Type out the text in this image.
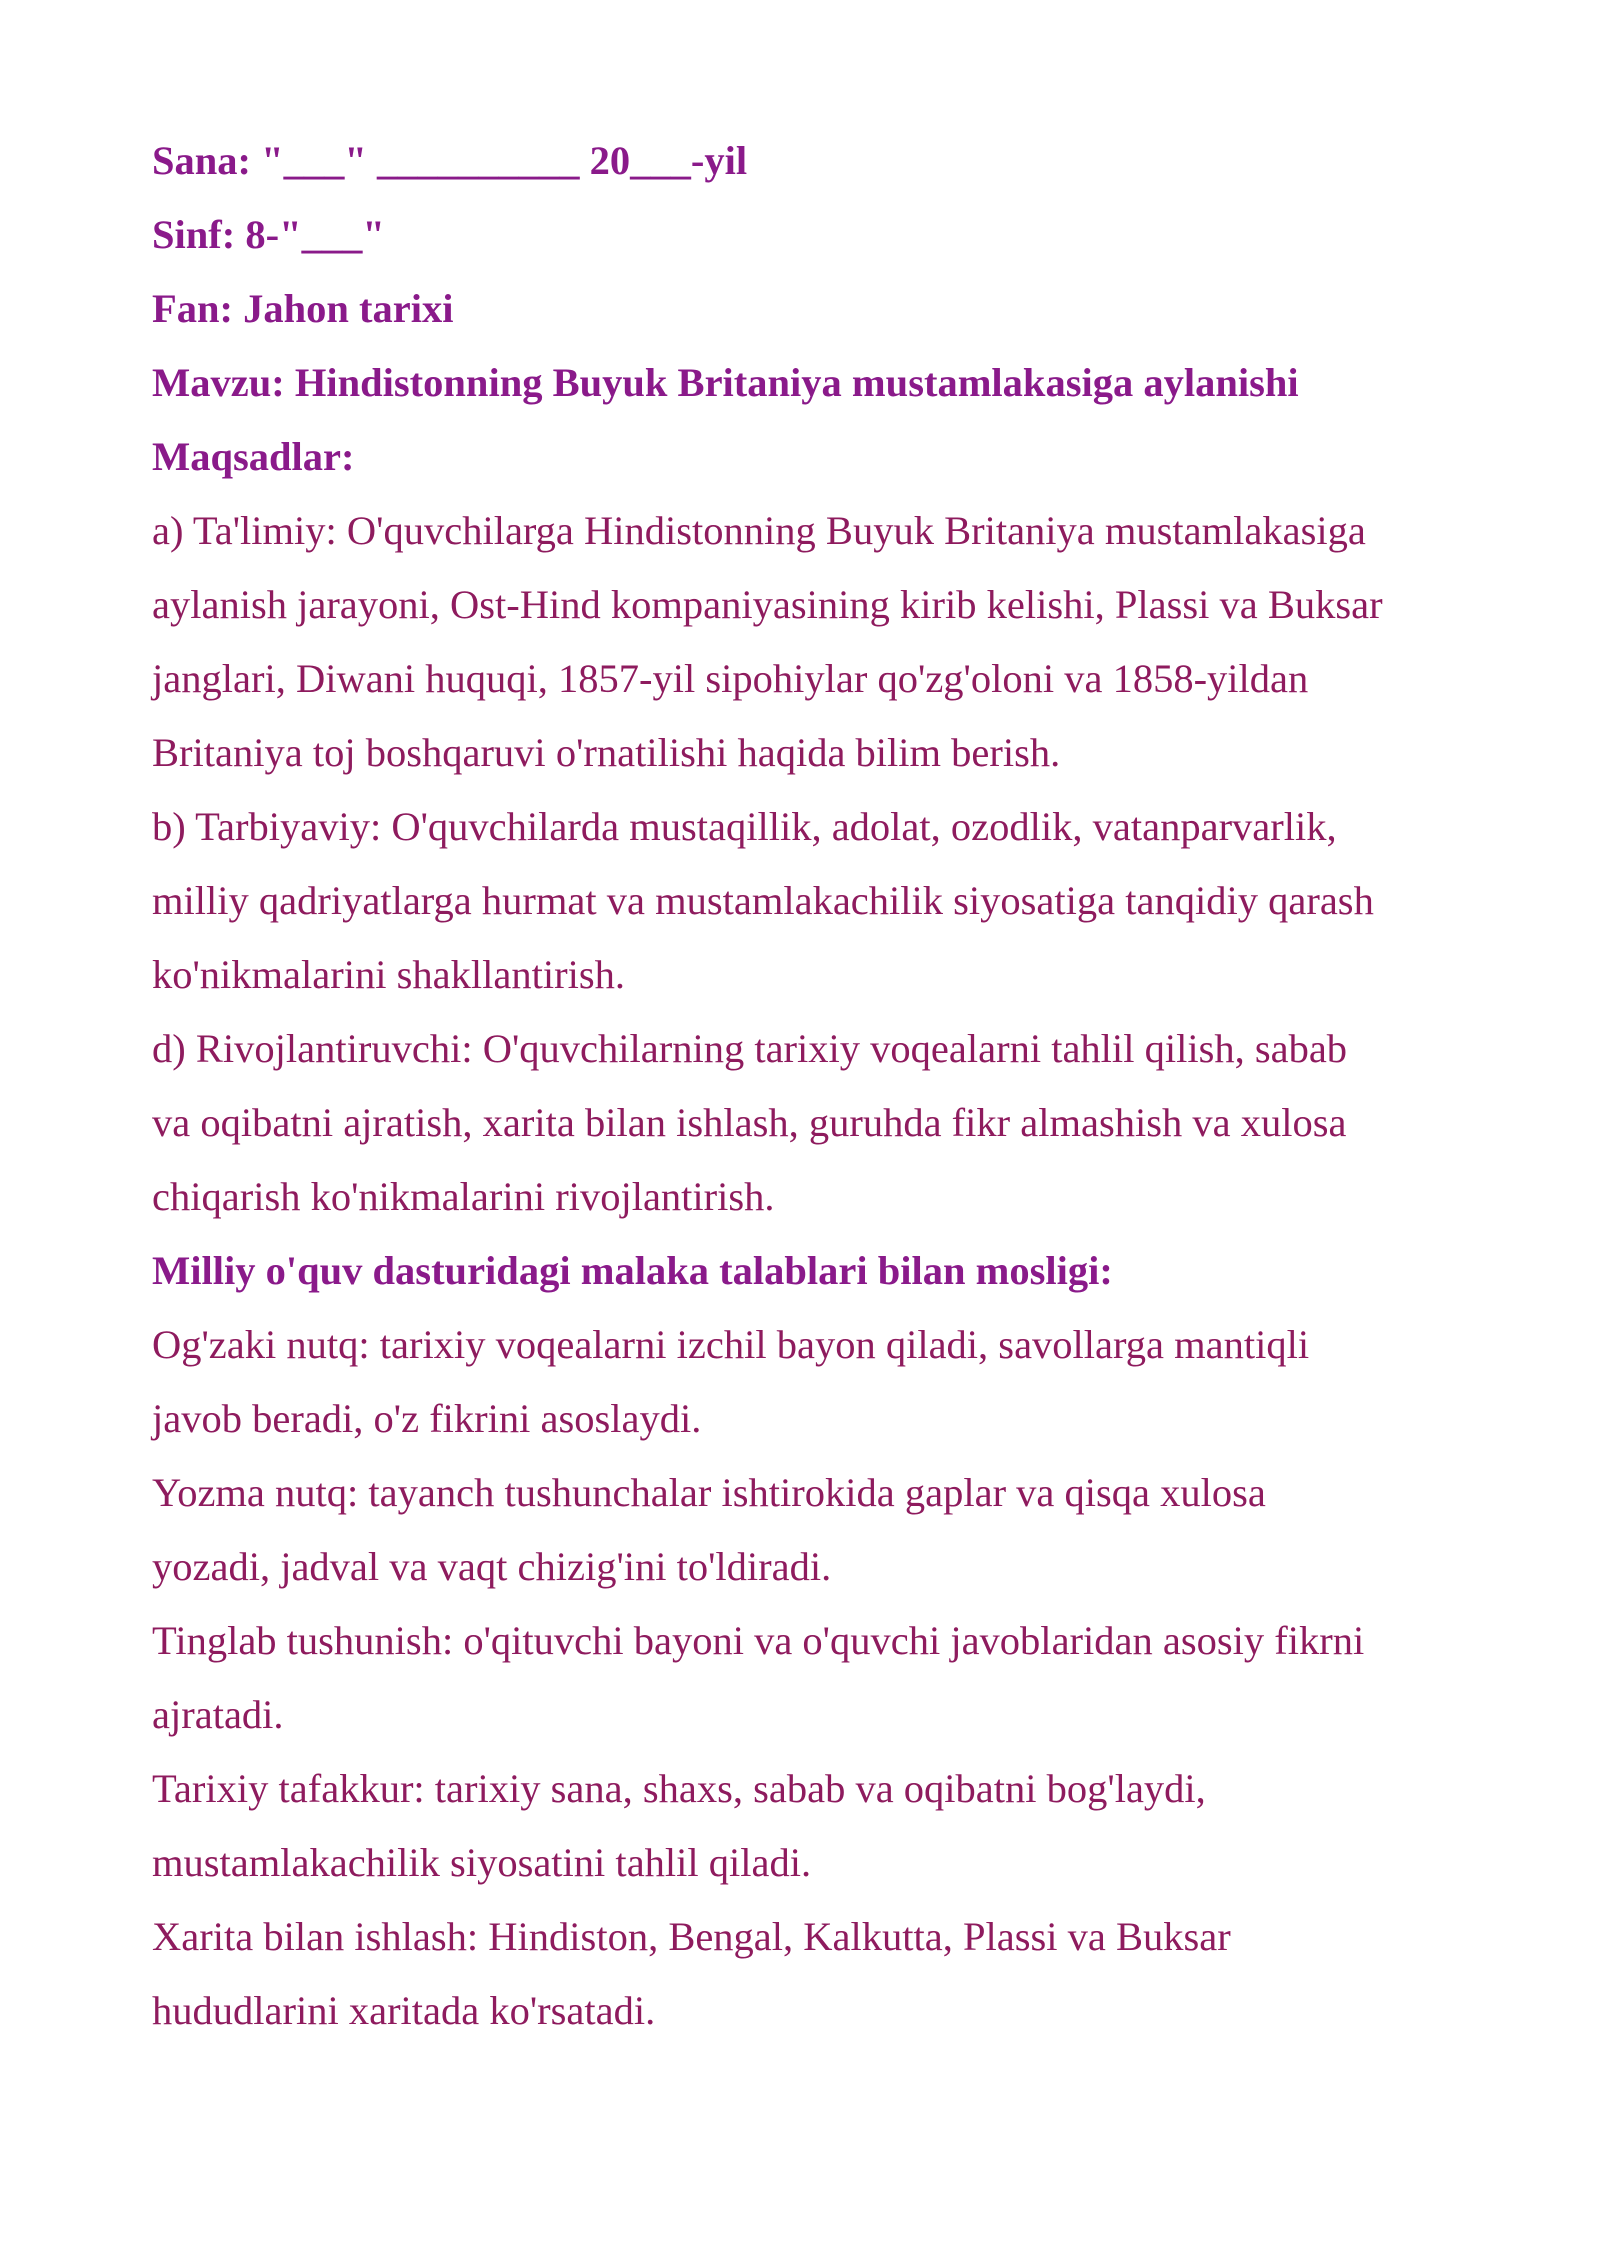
Sana: "___" __________ 20___-yil

Sinf: 8-"___"

Fan: Jahon tarixi

Mavzu: Hindistonning Buyuk Britaniya mustamlakasiga aylanishi

Maqsadlar:

a) Ta'limiy: O'quvchilarga Hindistonning Buyuk Britaniya mustamlakasiga

aylanish jarayoni, Ost-Hind kompaniyasining kirib kelishi, Plassi va Buksar

janglari, Diwani huquqi, 1857-yil sipohiylar qo'zg'oloni va 1858-yildan

Britaniya toj boshqaruvi o'rnatilishi haqida bilim berish.

b) Tarbiyaviy: O'quvchilarda mustaqillik, adolat, ozodlik, vatanparvarlik,

milliy qadriyatlarga hurmat va mustamlakachilik siyosatiga tanqidiy qarash

ko'nikmalarini shakllantirish.

d) Rivojlantiruvchi: O'quvchilarning tarixiy voqealarni tahlil qilish, sabab

va oqibatni ajratish, xarita bilan ishlash, guruhda fikr almashish va xulosa

chiqarish ko'nikmalarini rivojlantirish.

Milliy o'quv dasturidagi malaka talablari bilan mosligi:

Og'zaki nutq: tarixiy voqealarni izchil bayon qiladi, savollarga mantiqli

javob beradi, o'z fikrini asoslaydi.

Yozma nutq: tayanch tushunchalar ishtirokida gaplar va qisqa xulosa

yozadi, jadval va vaqt chizig'ini to'ldiradi.

Tinglab tushunish: o'qituvchi bayoni va o'quvchi javoblaridan asosiy fikrni

ajratadi.

Tarixiy tafakkur: tarixiy sana, shaxs, sabab va oqibatni bog'laydi,

mustamlakachilik siyosatini tahlil qiladi.

Xarita bilan ishlash: Hindiston, Bengal, Kalkutta, Plassi va Buksar

hududlarini xaritada ko'rsatadi.
